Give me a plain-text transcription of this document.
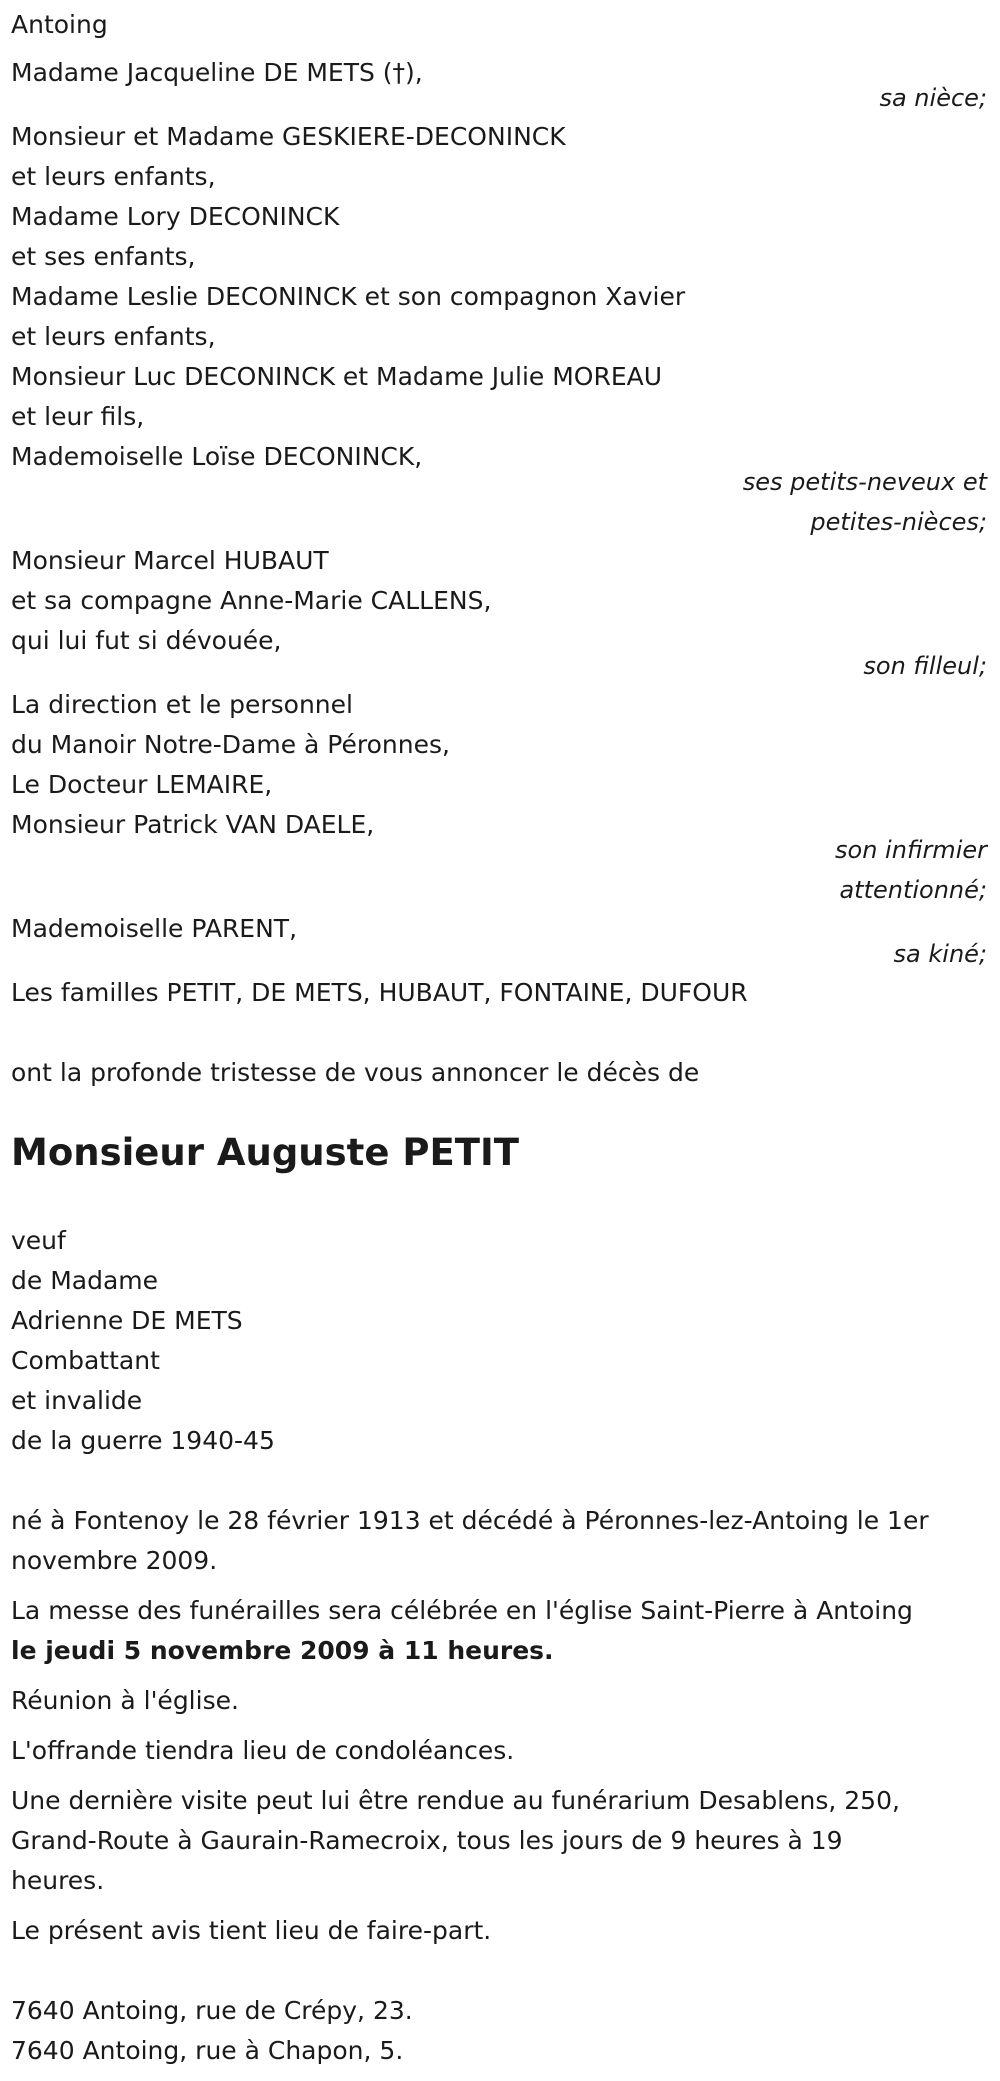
Antoing
Madame Jacqueline DE METS (†),
sa nièce;
Monsieur et Madame GESKIERE-DECONINCK
et leurs enfants,
Madame Lory DECONINCK
et ses enfants,
Madame Leslie DECONINCK et son compagnon Xavier
et leurs enfants,
Monsieur Luc DECONINCK et Madame Julie MOREAU
et leur fils,
Mademoiselle Loïse DECONINCK,
ses petits-neveux et
petites-nièces;
Monsieur Marcel HUBAUT
et sa compagne Anne-Marie CALLENS,
qui lui fut si dévouée,
son filleul;
La direction et le personnel
du Manoir Notre-Dame à Péronnes,
Le Docteur LEMAIRE,
Monsieur Patrick VAN DAELE,
son infirmier
attentionné;
Mademoiselle PARENT,
sa kiné;
Les familles PETIT, DE METS, HUBAUT, FONTAINE, DUFOUR
ont la profonde tristesse de vous annoncer le décès de
Monsieur Auguste PETIT
veuf
de Madame
Adrienne DE METS
Combattant
et invalide
de la guerre 1940-45
né à Fontenoy le 28 février 1913 et décédé à Péronnes-lez-Antoing le 1er
novembre 2009.
La messe des funérailles sera célébrée en l'église Saint-Pierre à Antoing
le jeudi 5 novembre 2009 à 11 heures.
Réunion à l'église.
L'offrande tiendra lieu de condoléances.
Une dernière visite peut lui être rendue au funérarium Desablens, 250,
Grand-Route à Gaurain-Ramecroix, tous les jours de 9 heures à 19
heures.
Le présent avis tient lieu de faire-part.
7640 Antoing, rue de Crépy, 23.
7640 Antoing, rue à Chapon, 5.
